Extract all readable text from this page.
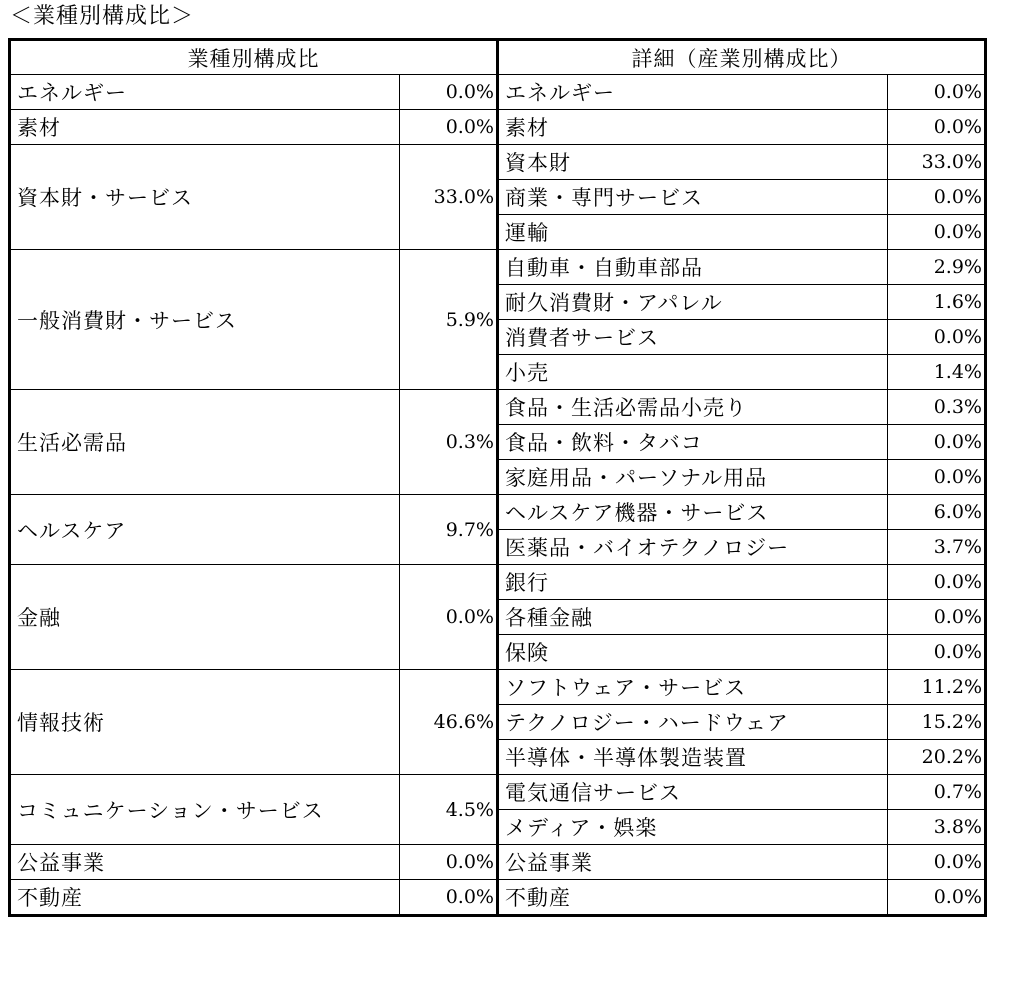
＜業種別構成比＞
業種別構成比		詳細（産業別構成比）	
エネルギー	0.0%	エネルギー	0.0%
素材	0.0%	素材	0.0%
資本財・サービス	33.0%	資本財	33.0%
		商業・専門サービス	0.0%
		運輸	0.0%
一般消費財・サービス	5.9%	自動車・自動車部品	2.9%
		耐久消費財・アパレル	1.6%
		消費者サービス	0.0%
		小売	1.4%
生活必需品	0.3%	食品・生活必需品小売り	0.3%
		食品・飲料・タバコ	0.0%
		家庭用品・パーソナル用品	0.0%
ヘルスケア	9.7%	ヘルスケア機器・サービス	6.0%
		医薬品・バイオテクノロジー	3.7%
金融	0.0%	銀行	0.0%
		各種金融	0.0%
		保険	0.0%
情報技術	46.6%	ソフトウェア・サービス	11.2%
		テクノロジー・ハードウェア	15.2%
		半導体・半導体製造装置	20.2%
コミュニケーション・サービス	4.5%	電気通信サービス	0.7%
		メディア・娯楽	3.8%
公益事業	0.0%	公益事業	0.0%
不動産	0.0%	不動産	0.0%
